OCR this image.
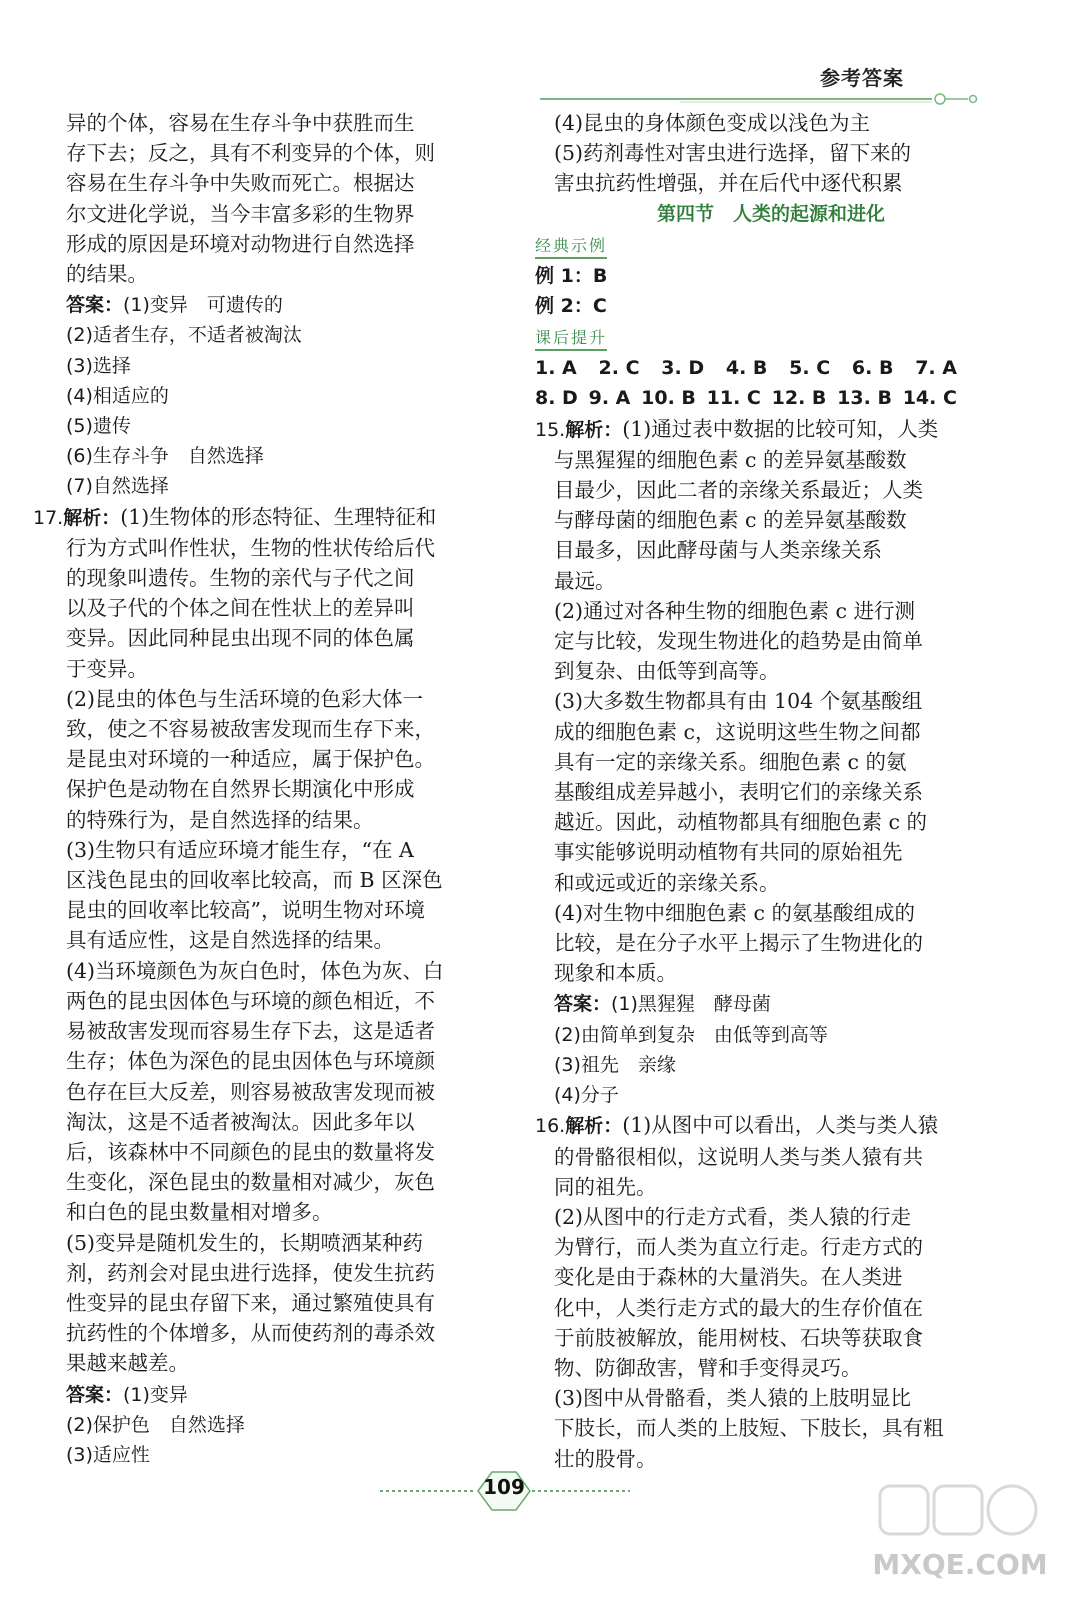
参考答案

异的个体，容易在生存斗争中获胜而生

存下去；反之，具有不利变异的个体，则

容易在生存斗争中失败而死亡。根据达

尔文进化学说，当今丰富多彩的生物界

形成的原因是环境对动物进行自然选择

的结果。

答案：(1)变异　可遗传的

(2)适者生存，不适者被淘汰

(3)选择

(4)相适应的

(5)遗传

(6)生存斗争　自然选择

(7)自然选择

17.解析：(1)生物体的形态特征、生理特征和

行为方式叫作性状，生物的性状传给后代

的现象叫遗传。生物的亲代与子代之间

以及子代的个体之间在性状上的差异叫

变异。因此同种昆虫出现不同的体色属

于变异。

(2)昆虫的体色与生活环境的色彩大体一

致，使之不容易被敌害发现而生存下来，

是昆虫对环境的一种适应，属于保护色。

保护色是动物在自然界长期演化中形成

的特殊行为，是自然选择的结果。

(3)生物只有适应环境才能生存，“在 A

区浅色昆虫的回收率比较高，而 B 区深色

昆虫的回收率比较高”，说明生物对环境

具有适应性，这是自然选择的结果。

(4)当环境颜色为灰白色时，体色为灰、白

两色的昆虫因体色与环境的颜色相近，不

易被敌害发现而容易生存下去，这是适者

生存；体色为深色的昆虫因体色与环境颜

色存在巨大反差，则容易被敌害发现而被

淘汰，这是不适者被淘汰。因此多年以

后，该森林中不同颜色的昆虫的数量将发

生变化，深色昆虫的数量相对减少，灰色

和白色的昆虫数量相对增多。

(5)变异是随机发生的，长期喷洒某种药

剂，药剂会对昆虫进行选择，使发生抗药

性变异的昆虫存留下来，通过繁殖使具有

抗药性的个体增多，从而使药剂的毒杀效

果越来越差。

答案：(1)变异

(2)保护色　自然选择

(3)适应性

(4)昆虫的身体颜色变成以浅色为主

(5)药剂毒性对害虫进行选择，留下来的

害虫抗药性增强，并在后代中逐代积累

第四节　人类的起源和进化

经典示例

例 1：B

例 2：C

课后提升
1. A 2. C 3. D 4. B 5. C 6. B 7. A
8. D 9. A 10. B 11. C 12. B 13. B 14. C

15.解析：(1)通过表中数据的比较可知，人类

与黑猩猩的细胞色素 c 的差异氨基酸数

目最少，因此二者的亲缘关系最近；人类

与酵母菌的细胞色素 c 的差异氨基酸数

目最多，因此酵母菌与人类亲缘关系

最远。

(2)通过对各种生物的细胞色素 c 进行测

定与比较，发现生物进化的趋势是由简单

到复杂、由低等到高等。

(3)大多数生物都具有由 104 个氨基酸组

成的细胞色素 c，这说明这些生物之间都

具有一定的亲缘关系。细胞色素 c 的氨

基酸组成差异越小，表明它们的亲缘关系

越近。因此，动植物都具有细胞色素 c 的

事实能够说明动植物有共同的原始祖先

和或远或近的亲缘关系。

(4)对生物中细胞色素 c 的氨基酸组成的

比较，是在分子水平上揭示了生物进化的

现象和本质。

答案：(1)黑猩猩　酵母菌

(2)由简单到复杂　由低等到高等

(3)祖先　亲缘

(4)分子

16.解析：(1)从图中可以看出，人类与类人猿

的骨骼很相似，这说明人类与类人猿有共

同的祖先。

(2)从图中的行走方式看，类人猿的行走

为臂行，而人类为直立行走。行走方式的

变化是由于森林的大量消失。在人类进

化中，人类行走方式的最大的生存价值在

于前肢被解放，能用树枝、石块等获取食

物、防御敌害，臂和手变得灵巧。

(3)图中从骨骼看，类人猿的上肢明显比

下肢长，而人类的上肢短、下肢长，具有粗

壮的股骨。

109
MXQE.COM
